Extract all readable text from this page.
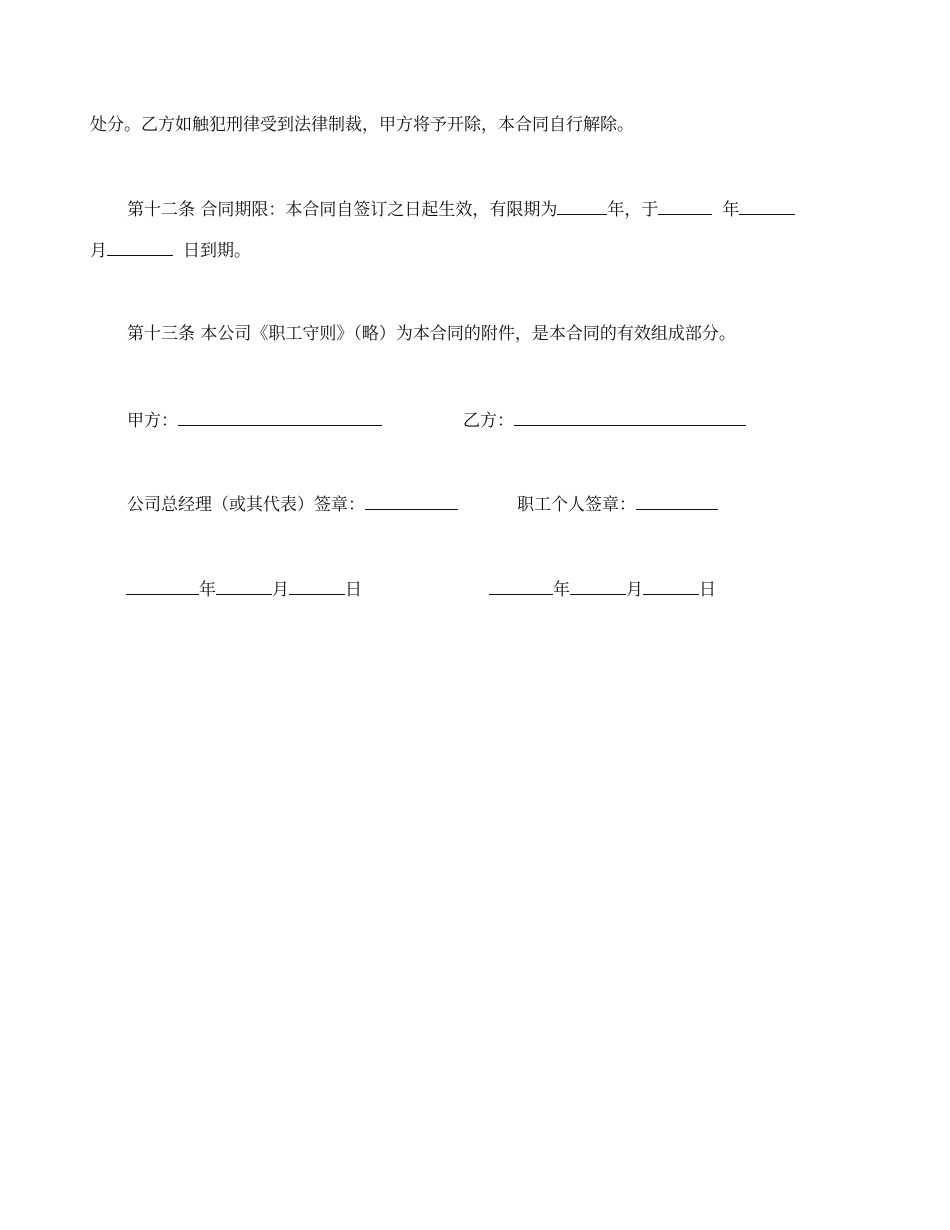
处分。乙方如触犯刑律受到法律制裁，甲方将予开除，本合同自行解除。
第十二条 合同期限：本合同自签订之日起生效，有限期为	年，于	年
月	日到期。
第十三条 本公司《职工守则》（略）为本合同的附件，是本合同的有效组成部分。
甲方：	乙方：
公司总经理（或其代表）签章：	职工个人签章：
年	月	日	年	月	日
